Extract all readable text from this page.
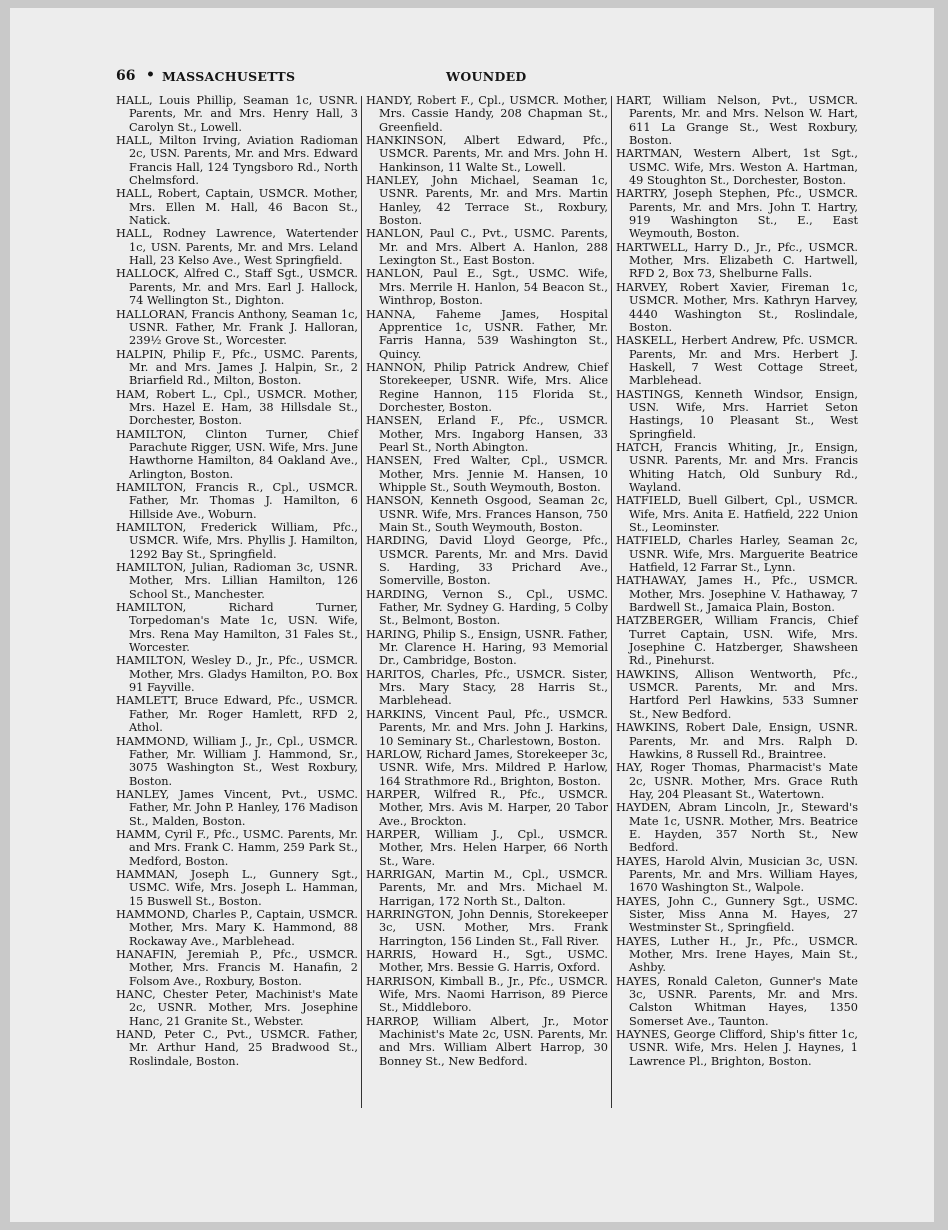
66 • MASSACHUSETTS	WOUNDED

HALL, Louis Phillip, Seaman 1c, USNR. Parents, Mr. and Mrs. Henry Hall, 3 Carolyn St., Lowell.

HALL, Milton Irving, Aviation Radioman 2c, USN. Parents, Mr. and Mrs. Edward Francis Hall, 124 Tyngsboro Rd., North Chelmsford.

HALL, Robert, Captain, USMCR. Mother, Mrs. Ellen M. Hall, 46 Bacon St., Natick.

HALL, Rodney Lawrence, Watertender 1c, USN. Parents, Mr. and Mrs. Leland Hall, 23 Kelso Ave., West Springfield.

HALLOCK, Alfred C., Staff Sgt., USMCR. Parents, Mr. and Mrs. Earl J. Hallock, 74 Wellington St., Dighton.

HALLORAN, Francis Anthony, Seaman 1c, USNR. Father, Mr. Frank J. Halloran, 239½ Grove St., Worcester.

HALPIN, Philip F., Pfc., USMC. Parents, Mr. and Mrs. James J. Halpin, Sr., 2 Briarfield Rd., Milton, Boston.

HAM, Robert L., Cpl., USMCR. Mother, Mrs. Hazel E. Ham, 38 Hillsdale St., Dorchester, Boston.

HAMILTON, Clinton Turner, Chief Parachute Rigger, USN. Wife, Mrs. June Hawthorne Hamilton, 84 Oakland Ave., Arlington, Boston.

HAMILTON, Francis R., Cpl., USMCR. Father, Mr. Thomas J. Hamilton, 6 Hillside Ave., Woburn.

HAMILTON, Frederick William, Pfc., USMCR. Wife, Mrs. Phyllis J. Hamilton, 1292 Bay St., Springfield.

HAMILTON, Julian, Radioman 3c, USNR. Mother, Mrs. Lillian Hamilton, 126 School St., Manchester.

HAMILTON, Richard Turner, Torpedoman's Mate 1c, USN. Wife, Mrs. Rena May Hamilton, 31 Fales St., Worcester.

HAMILTON, Wesley D., Jr., Pfc., USMCR. Mother, Mrs. Gladys Hamilton, P.O. Box 91 Fayville.

HAMLETT, Bruce Edward, Pfc., USMCR. Father, Mr. Roger Hamlett, RFD 2, Athol.

HAMMOND, William J., Jr., Cpl., USMCR. Father, Mr. William J. Hammond, Sr., 3075 Washington St., West Roxbury, Boston.

HANLEY, James Vincent, Pvt., USMC. Father, Mr. John P. Hanley, 176 Madison St., Malden, Boston.

HAMM, Cyril F., Pfc., USMC. Parents, Mr. and Mrs. Frank C. Hamm, 259 Park St., Medford, Boston.

HAMMAN, Joseph L., Gunnery Sgt., USMC. Wife, Mrs. Joseph L. Hamman, 15 Buswell St., Boston.

HAMMOND, Charles P., Captain, USMCR. Mother, Mrs. Mary K. Hammond, 88 Rockaway Ave., Marblehead.

HANAFIN, Jeremiah P., Pfc., USMCR. Mother, Mrs. Francis M. Hanafin, 2 Folsom Ave., Roxbury, Boston.

HANC, Chester Peter, Machinist's Mate 2c, USNR. Mother, Mrs. Josephine Hanc, 21 Granite St., Webster.

HAND, Peter C., Pvt., USMCR. Father, Mr. Arthur Hand, 25 Bradwood St., Roslindale, Boston.

HANDY, Robert F., Cpl., USMCR. Mother, Mrs. Cassie Handy, 208 Chapman St., Greenfield.

HANKINSON, Albert Edward, Pfc., USMCR. Parents, Mr. and Mrs. John H. Hankinson, 11 Walte St., Lowell.

HANLEY, John Michael, Seaman 1c, USNR. Parents, Mr. and Mrs. Martin Hanley, 42 Terrace St., Roxbury, Boston.

HANLON, Paul C., Pvt., USMC. Parents, Mr. and Mrs. Albert A. Hanlon, 288 Lexington St., East Boston.

HANLON, Paul E., Sgt., USMC. Wife, Mrs. Merrile H. Hanlon, 54 Beacon St., Winthrop, Boston.

HANNA, Faheme James, Hospital Apprentice 1c, USNR. Father, Mr. Farris Hanna, 539 Washington St., Quincy.

HANNON, Philip Patrick Andrew, Chief Storekeeper, USNR. Wife, Mrs. Alice Regine Hannon, 115 Florida St., Dorchester, Boston.

HANSEN, Erland F., Pfc., USMCR. Mother, Mrs. Ingaborg Hansen, 33 Pearl St., North Abington.

HANSEN, Fred Walter, Cpl., USMCR. Mother, Mrs. Jennie M. Hansen, 10 Whipple St., South Weymouth, Boston.

HANSON, Kenneth Osgood, Seaman 2c, USNR. Wife, Mrs. Frances Hanson, 750 Main St., South Weymouth, Boston.

HARDING, David Lloyd George, Pfc., USMCR. Parents, Mr. and Mrs. David S. Harding, 33 Prichard Ave., Somerville, Boston.

HARDING, Vernon S., Cpl., USMC. Father, Mr. Sydney G. Harding, 5 Colby St., Belmont, Boston.

HARING, Philip S., Ensign, USNR. Father, Mr. Clarence H. Haring, 93 Memorial Dr., Cambridge, Boston.

HARITOS, Charles, Pfc., USMCR. Sister, Mrs. Mary Stacy, 28 Harris St., Marblehead.

HARKINS, Vincent Paul, Pfc., USMCR. Parents, Mr. and Mrs. John J. Harkins, 10 Seminary St., Charlestown, Boston.

HARLOW, Richard James, Storekeeper 3c, USNR. Wife, Mrs. Mildred P. Harlow, 164 Strathmore Rd., Brighton, Boston.

HARPER, Wilfred R., Pfc., USMCR. Mother, Mrs. Avis M. Harper, 20 Tabor Ave., Brockton.

HARPER, William J., Cpl., USMCR. Mother, Mrs. Helen Harper, 66 North St., Ware.

HARRIGAN, Martin M., Cpl., USMCR. Parents, Mr. and Mrs. Michael M. Harrigan, 172 North St., Dalton.

HARRINGTON, John Dennis, Storekeeper 3c, USN. Mother, Mrs. Frank Harrington, 156 Linden St., Fall River.

HARRIS, Howard H., Sgt., USMC. Mother, Mrs. Bessie G. Harris, Oxford.

HARRISON, Kimball B., Jr., Pfc., USMCR. Wife, Mrs. Naomi Harrison, 89 Pierce St., Middleboro.

HARROP, William Albert, Jr., Motor Machinist's Mate 2c, USN. Parents, Mr. and Mrs. William Albert Harrop, 30 Bonney St., New Bedford.

HART, William Nelson, Pvt., USMCR. Parents, Mr. and Mrs. Nelson W. Hart, 611 La Grange St., West Roxbury, Boston.

HARTMAN, Western Albert, 1st Sgt., USMC. Wife, Mrs. Weston A. Hartman, 49 Stoughton St., Dorchester, Boston.

HARTRY, Joseph Stephen, Pfc., USMCR. Parents, Mr. and Mrs. John T. Hartry, 919 Washington St., E., East Weymouth, Boston.

HARTWELL, Harry D., Jr., Pfc., USMCR. Mother, Mrs. Elizabeth C. Hartwell, RFD 2, Box 73, Shelburne Falls.

HARVEY, Robert Xavier, Fireman 1c, USMCR. Mother, Mrs. Kathryn Harvey, 4440 Washington St., Roslindale, Boston.

HASKELL, Herbert Andrew, Pfc. USMCR. Parents, Mr. and Mrs. Herbert J. Haskell, 7 West Cottage Street, Marblehead.

HASTINGS, Kenneth Windsor, Ensign, USN. Wife, Mrs. Harriet Seton Hastings, 10 Pleasant St., West Springfield.

HATCH, Francis Whiting, Jr., Ensign, USNR. Parents, Mr. and Mrs. Francis Whiting Hatch, Old Sunbury Rd., Wayland.

HATFIELD, Buell Gilbert, Cpl., USMCR. Wife, Mrs. Anita E. Hatfield, 222 Union St., Leominster.

HATFIELD, Charles Harley, Seaman 2c, USNR. Wife, Mrs. Marguerite Beatrice Hatfield, 12 Farrar St., Lynn.

HATHAWAY, James H., Pfc., USMCR. Mother, Mrs. Josephine V. Hathaway, 7 Bardwell St., Jamaica Plain, Boston.

HATZBERGER, William Francis, Chief Turret Captain, USN. Wife, Mrs. Josephine C. Hatzberger, Shawsheen Rd., Pinehurst.

HAWKINS, Allison Wentworth, Pfc., USMCR. Parents, Mr. and Mrs. Hartford Perl Hawkins, 533 Sumner St., New Bedford.

HAWKINS, Robert Dale, Ensign, USNR. Parents, Mr. and Mrs. Ralph D. Hawkins, 8 Russell Rd., Braintree.

HAY, Roger Thomas, Pharmacist's Mate 2c, USNR. Mother, Mrs. Grace Ruth Hay, 204 Pleasant St., Watertown.

HAYDEN, Abram Lincoln, Jr., Steward's Mate 1c, USNR. Mother, Mrs. Beatrice E. Hayden, 357 North St., New Bedford.

HAYES, Harold Alvin, Musician 3c, USN. Parents, Mr. and Mrs. William Hayes, 1670 Washington St., Walpole.

HAYES, John C., Gunnery Sgt., USMC. Sister, Miss Anna M. Hayes, 27 Westminster St., Springfield.

HAYES, Luther H., Jr., Pfc., USMCR. Mother, Mrs. Irene Hayes, Main St., Ashby.

HAYES, Ronald Caleton, Gunner's Mate 3c, USNR. Parents, Mr. and Mrs. Calston Whitman Hayes, 1350 Somerset Ave., Taunton.

HAYNES, George Clifford, Ship's fitter 1c, USNR. Wife, Mrs. Helen J. Haynes, 1 Lawrence Pl., Brighton, Boston.
